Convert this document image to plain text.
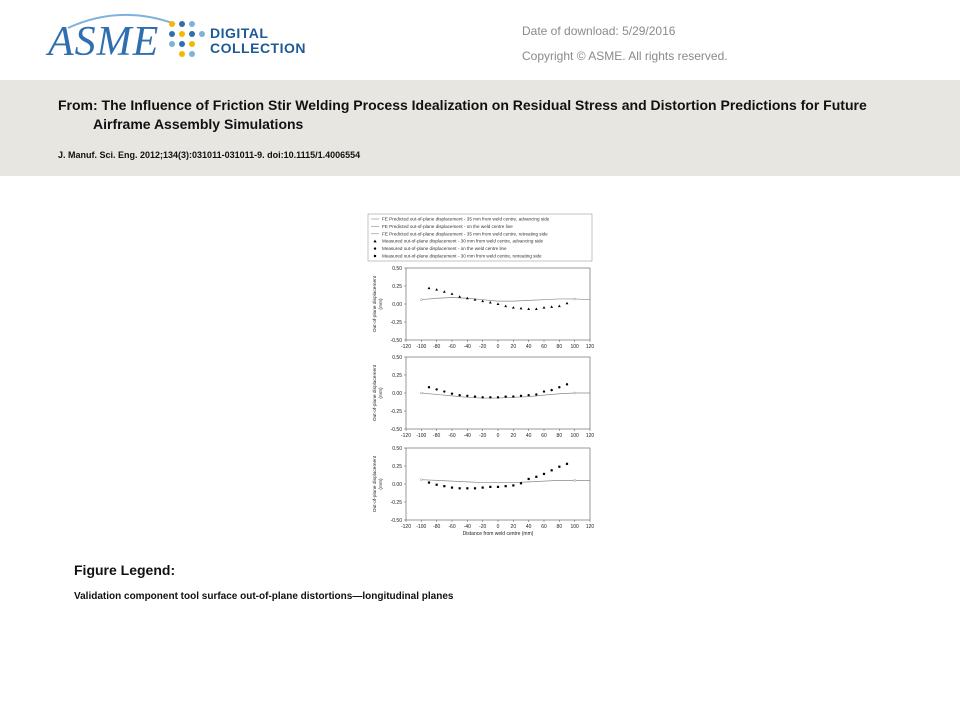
ASME	DIGITAL
COLLECTION
Date of download: 5/29/2016
Copyright © ASME. All rights reserved.
From: The Influence of Friction Stir Welding Process Idealization on Residual Stress and Distortion Predictions for Future Airframe Assembly Simulations
J. Manuf. Sci. Eng. 2012;134(3):031011-031011-9. doi:10.1115/1.4006554
FE Predicted out-of-plane displacement - 35 mm from weld centre, advancing side
FE Predicted out-of-plane displacement - on the weld centre line
FE Predicted out-of-plane displacement - 35 mm from weld centre, retreating side
Measured out-of-plane displacement - 30 mm from weld centre, advancing side
Measured out-of-plane displacement - on the weld centre line
Measured out-of-plane displacement - 30 mm from weld centre, retreating side
0.50
0.25
0.00
-0.25
-0.50
-120 -100 -80 -60 -40 -20 0 20 40 60 80 100 120
Out-of-plane displacement (mm)
0.50
0.25
0.00
-0.25
-0.50
-120 -100 -80 -60 -40 -20 0 20 40 60 80 100 120
Out-of-plane displacement (mm)
0.50
0.25
0.00
-0.25
-0.50
-120 -100 -80 -60 -40 -20 0 20 40 60 80 100 120
Out-of-plane displacement (mm)
Distance from weld centre (mm)
Figure Legend:
Validation component tool surface out-of-plane distortions—longitudinal planes
